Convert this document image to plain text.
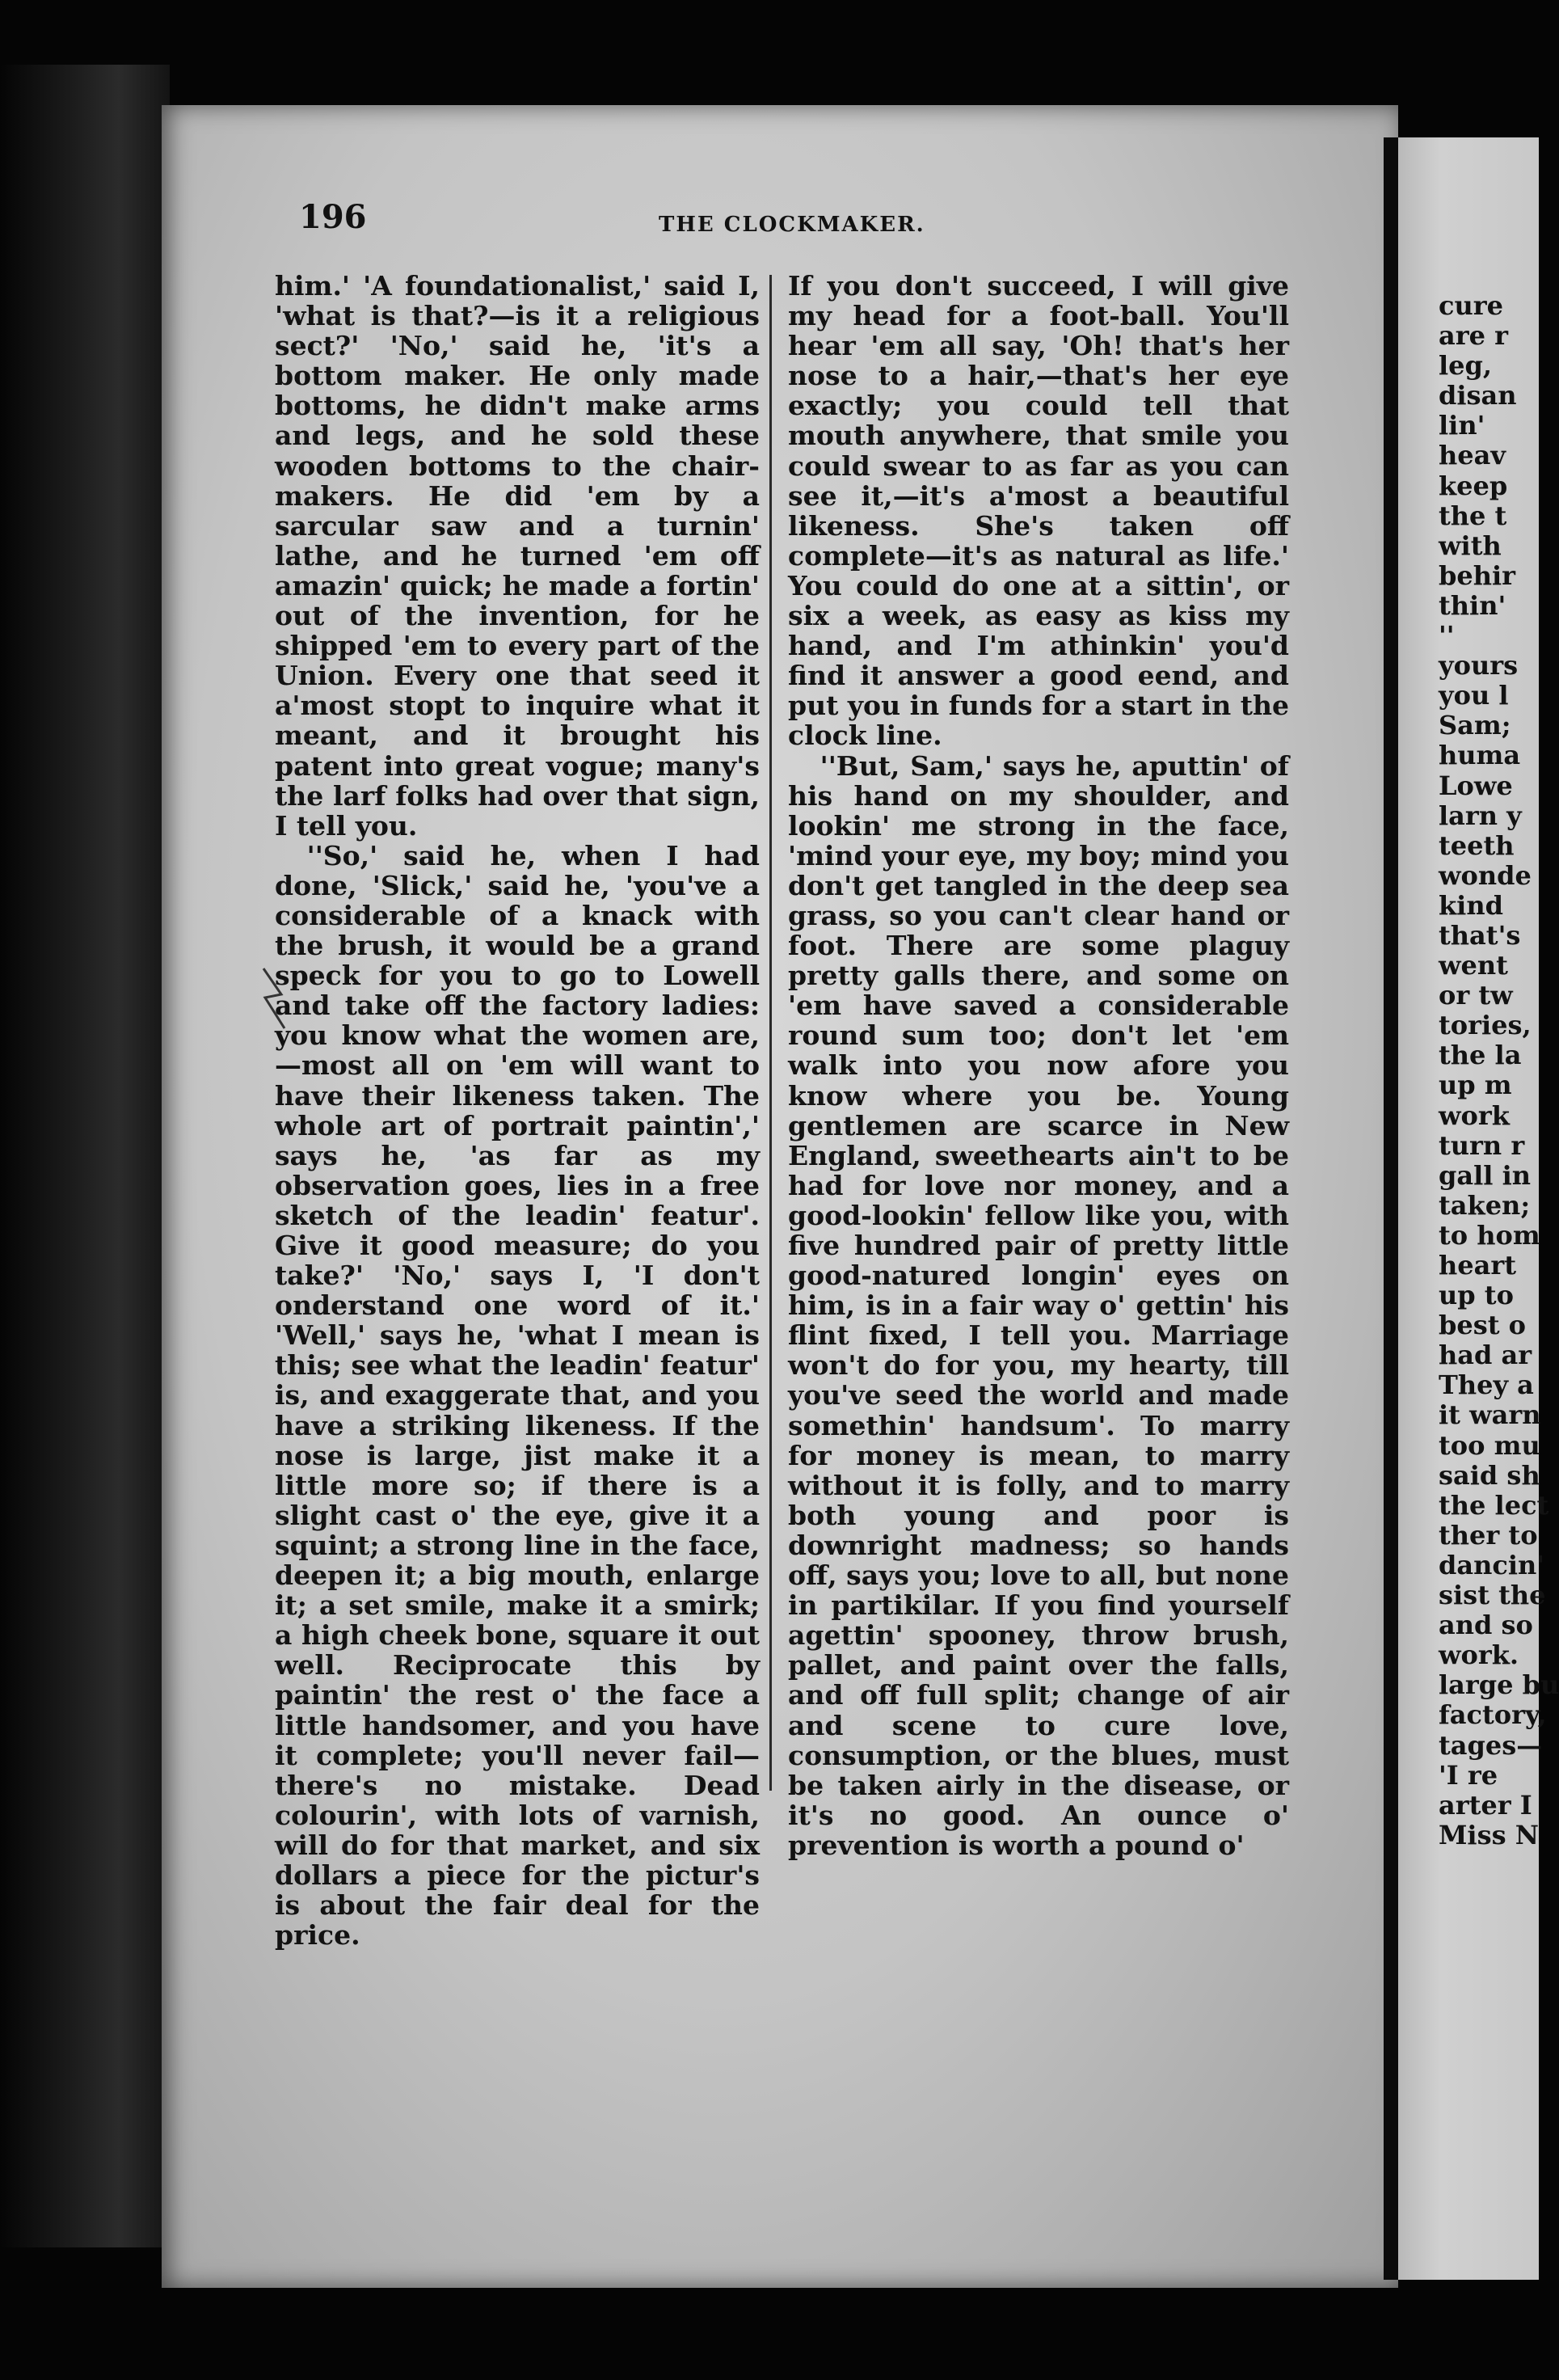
196	THE CLOCKMAKER.

him.' 'A foundationalist,' said I, 'what is that?—is it a religious sect?' 'No,' said he, 'it's a bottom maker. He only made bottoms, he didn't make arms and legs, and he sold these wooden bottoms to the chair-makers. He did 'em by a sarcular saw and a turnin' lathe, and he turned 'em off amazin' quick; he made a fortin' out of the invention, for he shipped 'em to every part of the Union. Every one that seed it a'most stopt to inquire what it meant, and it brought his patent into great vogue; many's the larf folks had over that sign, I tell you.

''So,' said he, when I had done, 'Slick,' said he, 'you've a considerable of a knack with the brush, it would be a grand speck for you to go to Lowell and take off the factory ladies: you know what the women are,—most all on 'em will want to have their likeness taken. The whole art of portrait paintin',' says he, 'as far as my observation goes, lies in a free sketch of the leadin' featur'. Give it good measure; do you take?' 'No,' says I, 'I don't onderstand one word of it.' 'Well,' says he, 'what I mean is this; see what the leadin' featur' is, and exaggerate that, and you have a striking likeness. If the nose is large, jist make it a little more so; if there is a slight cast o' the eye, give it a squint; a strong line in the face, deepen it; a big mouth, enlarge it; a set smile, make it a smirk; a high cheek bone, square it out well. Reciprocate this by paintin' the rest o' the face a little handsomer, and you have it complete; you'll never fail—there's no mistake. Dead colourin', with lots of varnish, will do for that market, and six dollars a piece for the pictur's is about the fair deal for the price.

If you don't succeed, I will give my head for a foot-ball. You'll hear 'em all say, 'Oh! that's her nose to a hair,—that's her eye exactly; you could tell that mouth anywhere, that smile you could swear to as far as you can see it,—it's a'most a beautiful likeness. She's taken off complete—it's as natural as life.' You could do one at a sittin', or six a week, as easy as kiss my hand, and I'm athinkin' you'd find it answer a good eend, and put you in funds for a start in the clock line.

''But, Sam,' says he, aputtin' of his hand on my shoulder, and lookin' me strong in the face, 'mind your eye, my boy; mind you don't get tangled in the deep sea grass, so you can't clear hand or foot. There are some plaguy pretty galls there, and some on 'em have saved a considerable round sum too; don't let 'em walk into you now afore you know where you be. Young gentlemen are scarce in New England, sweethearts ain't to be had for love nor money, and a good-lookin' fellow like you, with five hundred pair of pretty little good-natured longin' eyes on him, is in a fair way o' gettin' his flint fixed, I tell you. Marriage won't do for you, my hearty, till you've seed the world and made somethin' handsum'. To marry for money is mean, to marry without it is folly, and to marry both young and poor is downright madness; so hands off, says you; love to all, but none in partikilar. If you find yourself agettin' spooney, throw brush, pallet, and paint over the falls, and off full split; change of air and scene to cure love, consumption, or the blues, must be taken airly in the disease, or it's no good. An ounce o' prevention is worth a pound o'

cure
are r
leg,
disan
lin'
heav
keep
the t
with
behir
thin'
''
yours
you l
Sam;
huma
Lowe
larn y
teeth
wonde
kind
that's
went
or tw
tories,
the la
up m
work
turn r
gall in
taken;
to hom
heart
up to
best o
had ar
They a
it warn
too mu
said sh
the lect
ther to
dancin'
sist the
and so
work.
large bu
factory,
tages—
'I re
arter I
Miss N
